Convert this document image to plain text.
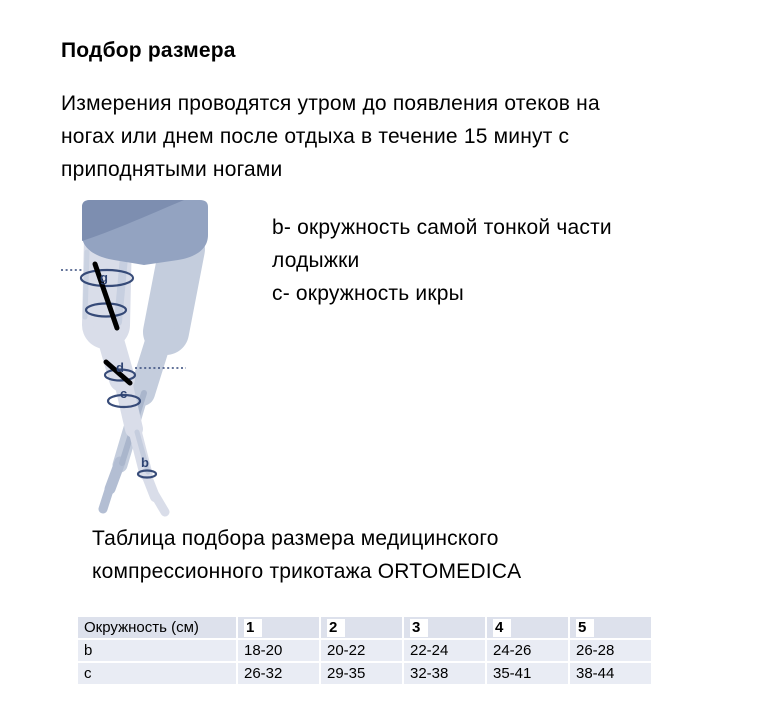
Подбор размера

Измерения проводятся утром до появления отеков на
ногах или днем после отдыха в течение 15 минут с
приподнятыми ногами

g
d
c
b
b- окружность самой тонкой части
лодыжки
c- окружность икры
Таблица подбора размера медицинского
компрессионного трикотажа ORTOMEDICA
Окружность (см)	1	2	3	4	5
b	18-20	20-22	22-24	24-26	26-28
c	26-32	29-35	32-38	35-41	38-44
